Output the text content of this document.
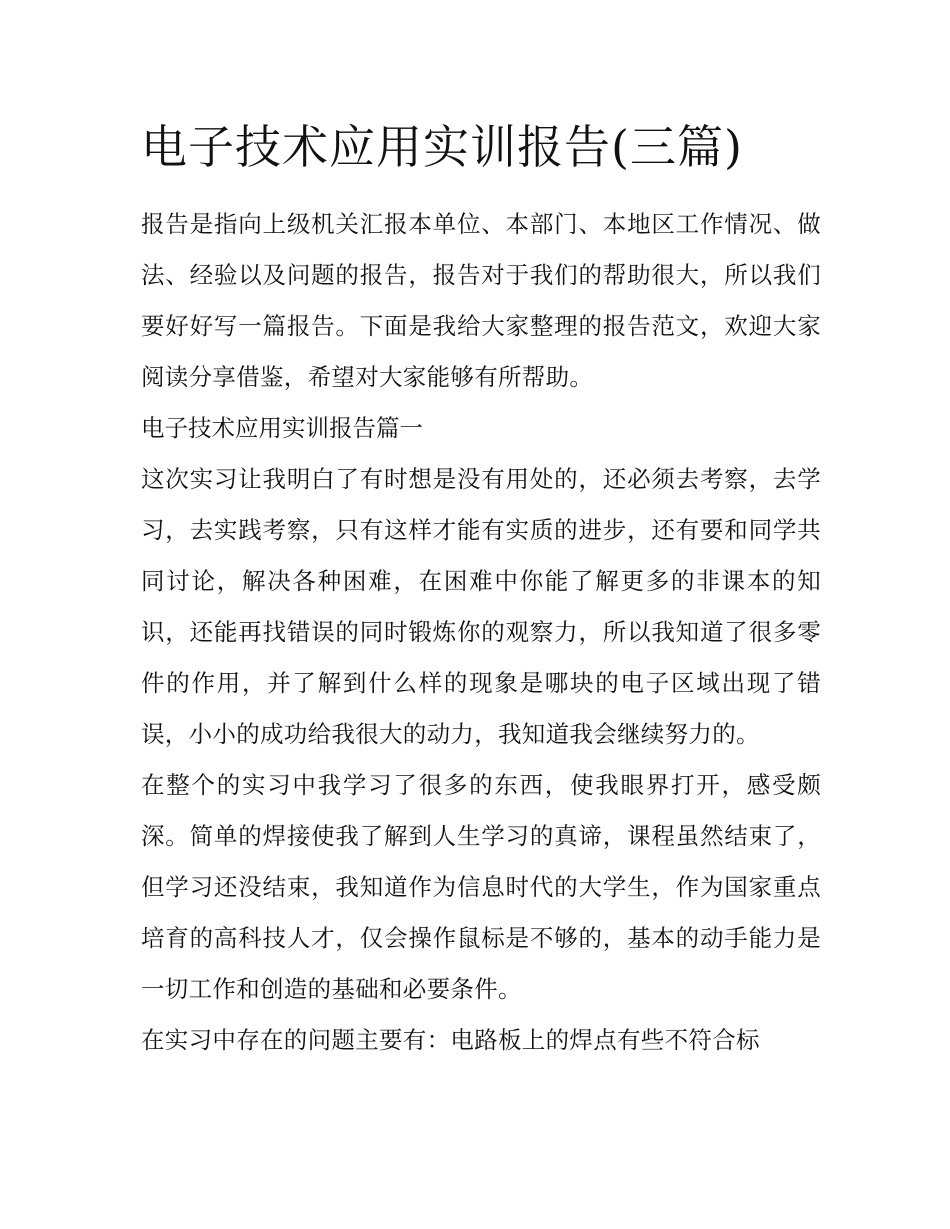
电子技术应用实训报告(三篇)

报告是指向上级机关汇报本单位、本部门、本地区工作情况、做法、经验以及问题的报告，报告对于我们的帮助很大，所以我们要好好写一篇报告。下面是我给大家整理的报告范文，欢迎大家阅读分享借鉴，希望对大家能够有所帮助。

电子技术应用实训报告篇一

这次实习让我明白了有时想是没有用处的，还必须去考察，去学习，去实践考察，只有这样才能有实质的进步，还有要和同学共同讨论，解决各种困难，在困难中你能了解更多的非课本的知识，还能再找错误的同时锻炼你的观察力，所以我知道了很多零件的作用，并了解到什么样的现象是哪块的电子区域出现了错误，小小的成功给我很大的动力，我知道我会继续努力的。

在整个的实习中我学习了很多的东西，使我眼界打开，感受颇深。简单的焊接使我了解到人生学习的真谛，课程虽然结束了，但学习还没结束，我知道作为信息时代的大学生，作为国家重点培育的高科技人才，仅会操作鼠标是不够的，基本的动手能力是一切工作和创造的基础和必要条件。

在实习中存在的问题主要有：电路板上的焊点有些不符合标
